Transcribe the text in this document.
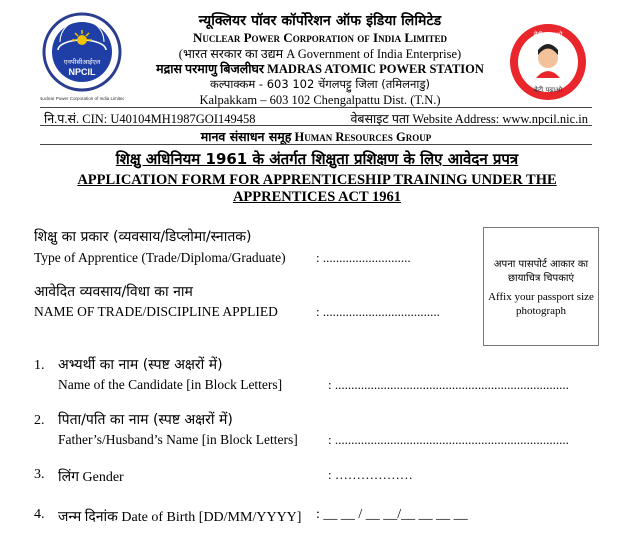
एनपीसीआईएल
NPCIL
Nuclear Power Corporation of India Limited
न्यूक्लियर पॉवर कॉर्पोरेशन ऑफ इंडिया लिमिटेड
Nuclear Power Corporation of India Limited
(भारत सरकार का उद्यम A Government of India Enterprise)
मद्रास परमाणु बिजलीघर MADRAS ATOMIC POWER STATION
कल्पाक्कम - 603 102 चेंगलपट्टु जिला (तमिलनाडु)
Kalpakkam – 603 102 Chengalpattu Dist. (T.N.)
बेटी बचाओ
बेटी पढ़ाओ
नि.प.सं. CIN: U40104MH1987GOI149458	वेबसाइट पता Website Address: www.npcil.nic.in
मानव संसाधन समूह Human Resources Group
शिक्षु अधिनियम 1961 के अंतर्गत शिक्षुता प्रशिक्षण के लिए आवेदन प्रपत्र
APPLICATION FORM FOR APPRENTICESHIP TRAINING UNDER THE APPRENTICES ACT 1961
शिक्षु का प्रकार (व्यवसाय/डिप्लोमा/स्नातक)
Type of Apprentice (Trade/Diploma/Graduate) : ...........................
आवेदित व्यवसाय/विधा का नाम
NAME OF TRADE/DISCIPLINE APPLIED	: ....................................
अपना पासपोर्ट आकार का छायाचित्र चिपकाएं
Affix your passport size photograph
1. अभ्यर्थी का नाम (स्पष्ट अक्षरों में)
Name of the Candidate [in Block Letters]	: ........................................................................
2. पिता/पति का नाम (स्पष्ट अक्षरों में)
Father’s/Husband’s Name [in Block Letters] : ........................................................................
3. लिंग Gender	: ………………
4. जन्म दिनांक Date of Birth [DD/MM/YYYY] : __ __ / __ __/__ __ __ __
